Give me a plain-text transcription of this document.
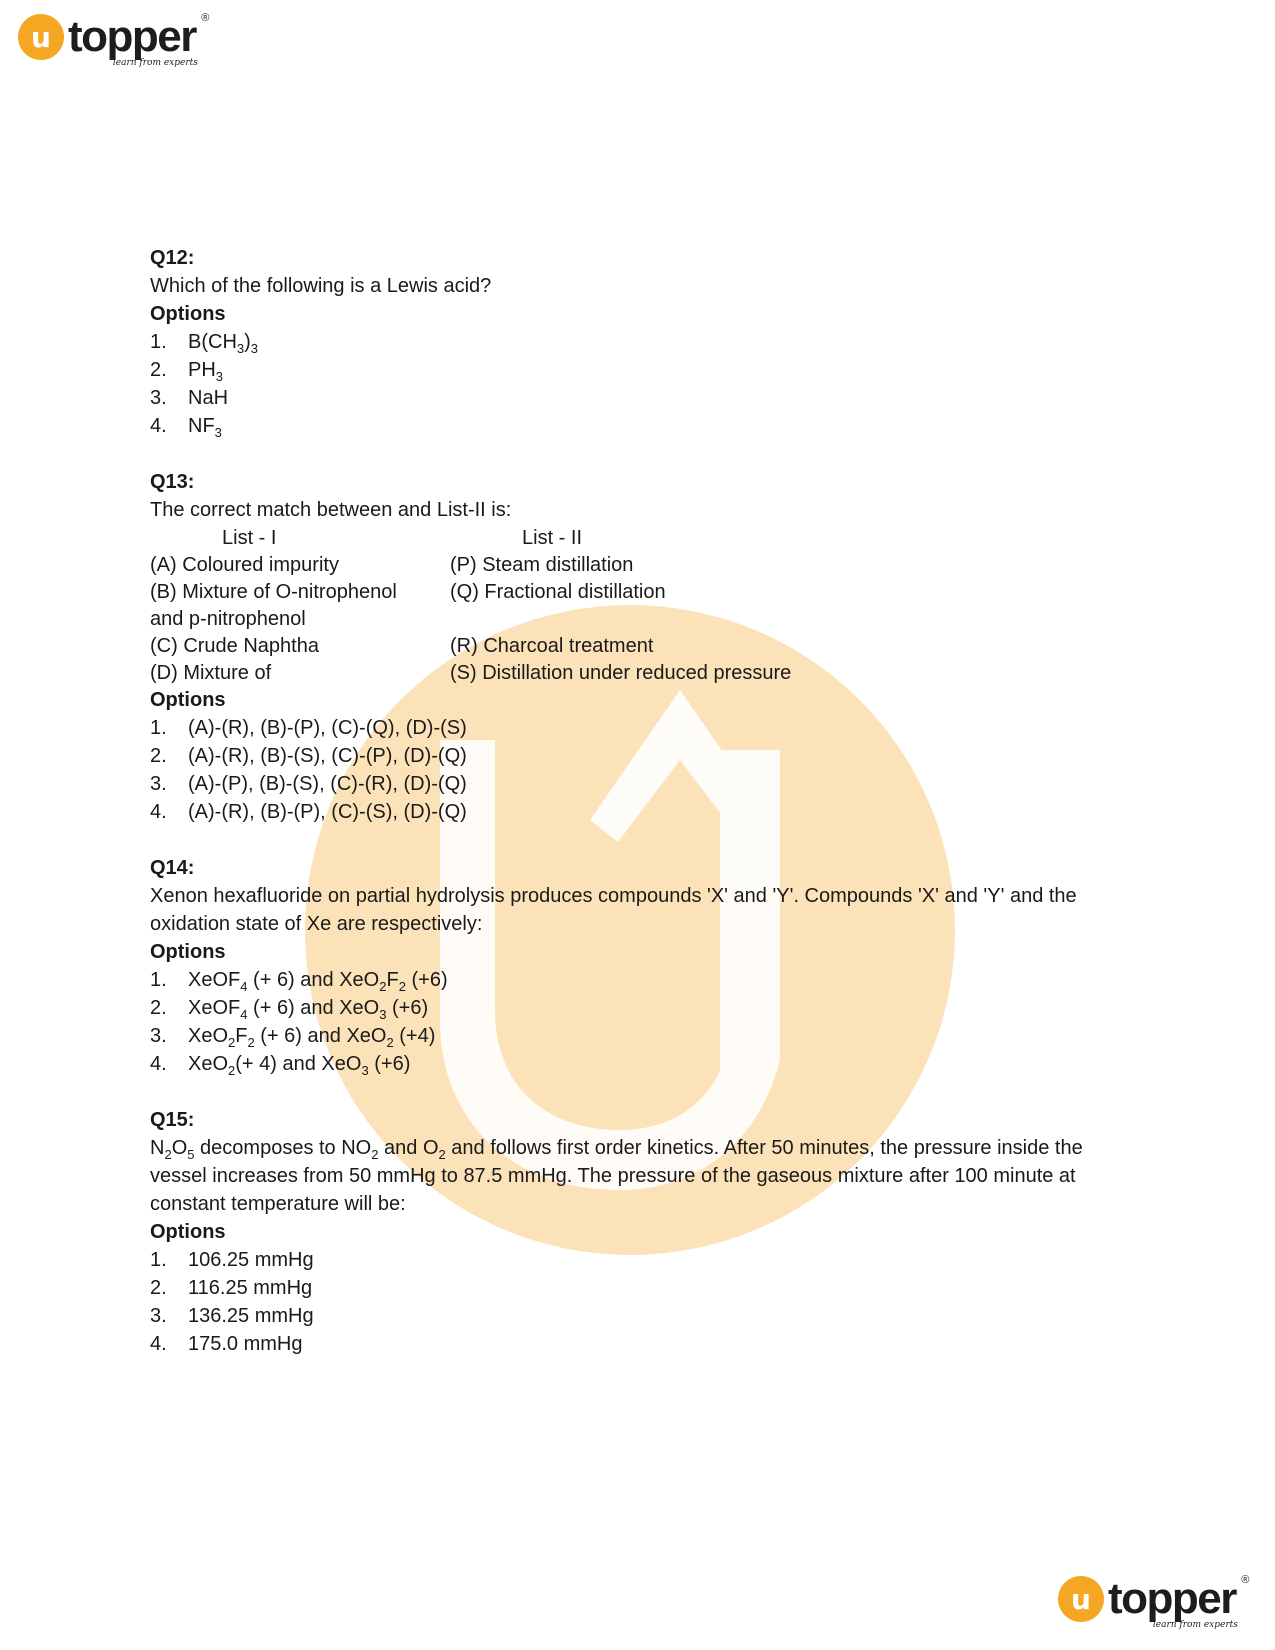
u topper ®
learn from experts
Q12:
Which of the following is a Lewis acid?
Options
1.	$B(CH_3)_3$
2.	$PH_3$
3.	NaH
4.	$NF_3$
Q13:
The correct match between and List-II is:
List - I	List - II
(A) Coloured impurity	(P) Steam distillation
(B) Mixture of O-nitrophenol	(Q) Fractional distillation
and p-nitrophenol
(C) Crude Naphtha	(R) Charcoal treatment
(D) Mixture of	(S) Distillation under reduced pressure
Options
1.	(A)-(R), (B)-(P), (C)-(Q), (D)-(S)
2.	(A)-(R), (B)-(S), (C)-(P), (D)-(Q)
3.	(A)-(P), (B)-(S), (C)-(R), (D)-(Q)
4.	(A)-(R), (B)-(P), (C)-(S), (D)-(Q)
Q14:
Xenon hexafluoride on partial hydrolysis produces compounds 'X' and 'Y'. Compounds 'X' and 'Y' and the oxidation state of Xe are respectively:
Options
1.	XeOF$_4$ (+ 6) and $XeO_2F_2$ (+6)
2.	XeOF$_4$ (+ 6) and XeO$_3$ (+6)
3.	$XeO_2F_2$ (+ 6) and XeO$_2$ (+4)
4.	XeO$_2$(+ 4) and XeO$_3$ (+6)
Q15:
$N_2O_5$ decomposes to $NO_2$ and $O_2$ and follows first order kinetics. After 50 minutes, the pressure inside the vessel increases from 50 mmHg to 87.5 mmHg. The pressure of the gaseous mixture after 100 minute at constant temperature will be:
Options
1.	106.25 mmHg
2.	116.25 mmHg
3.	136.25 mmHg
4.	175.0 mmHg
u topper ®
learn from experts
